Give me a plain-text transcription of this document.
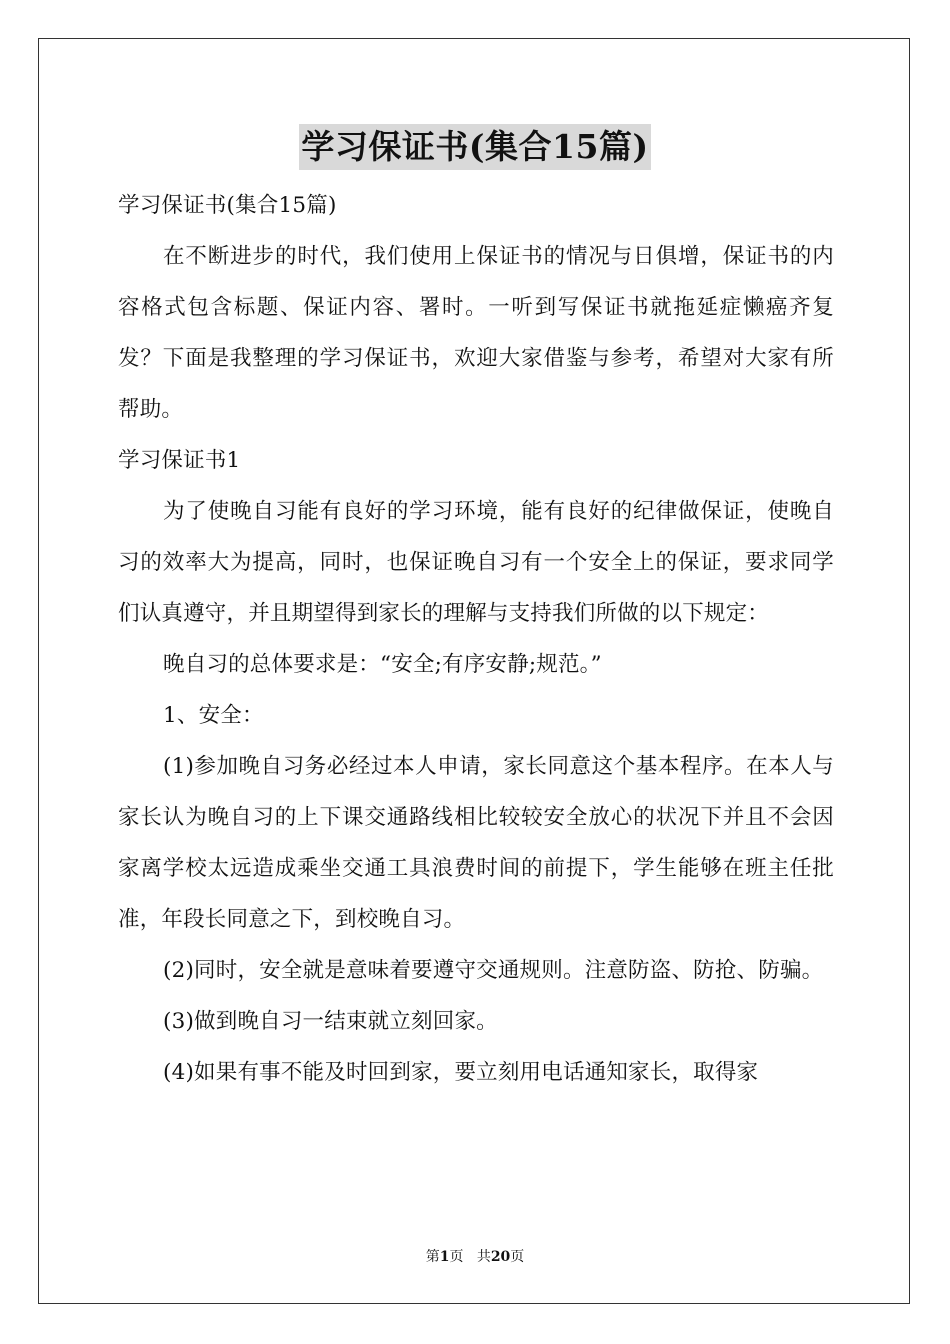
学习保证书(集合15篇)

学习保证书(集合15篇)

在不断进步的时代，我们使用上保证书的情况与日俱增，保证书的内容格式包含标题、保证内容、署时。一听到写保证书就拖延症懒癌齐复发？下面是我整理的学习保证书，欢迎大家借鉴与参考，希望对大家有所帮助。

学习保证书1

为了使晚自习能有良好的学习环境，能有良好的纪律做保证，使晚自习的效率大为提高，同时，也保证晚自习有一个安全上的保证，要求同学们认真遵守，并且期望得到家长的理解与支持我们所做的以下规定：

晚自习的总体要求是：“安全;有序安静;规范。”

1、安全：

(1)参加晚自习务必经过本人申请，家长同意这个基本程序。在本人与家长认为晚自习的上下课交通路线相比较较安全放心的状况下并且不会因家离学校太远造成乘坐交通工具浪费时间的前提下，学生能够在班主任批准，年段长同意之下，到校晚自习。

(2)同时，安全就是意味着要遵守交通规则。注意防盗、防抢、防骗。

(3)做到晚自习一结束就立刻回家。

(4)如果有事不能及时回到家，要立刻用电话通知家长，取得家

第1页 共20页
